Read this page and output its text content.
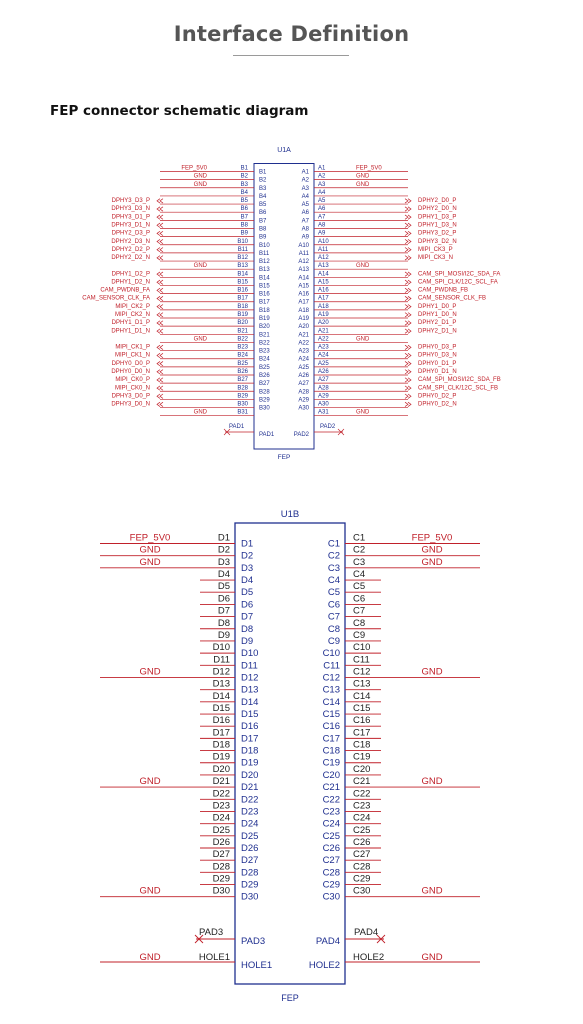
Interface Definition
FEP connector schematic diagram
U1A
FEP
B1
FEP_5V0
B2
GND
B3
GND
B4
B5
DPHY3_D3_P
B6
DPHY3_D3_N
B7
DPHY3_D1_P
B8
DPHY3_D1_N
B9
DPHY2_D3_P
B10
DPHY2_D3_N
B11
DPHY2_D2_P
B12
DPHY2_D2_N
B13
GND
B14
DPHY1_D2_P
B15
DPHY1_D2_N
B16
CAM_PWDNB_FA
B17
CAM_SENSOR_CLK_FA
B18
MIPI_CK2_P
B19
MIPI_CK2_N
B20
DPHY1_D1_P
B21
DPHY1_D1_N
B22
GND
B23
MIPI_CK1_P
B24
MIPI_CK1_N
B25
DPHY0_D0_P
B26
DPHY0_D0_N
B27
MIPI_CK0_P
B28
MIPI_CK0_N
B29
DPHY3_D0_P
B30
DPHY3_D0_N
B31
GND
A1	FEP_5V0
A2	GND
A3	GND
A4
A5	DPHY2_D0_P
A6	DPHY2_D0_N
A7	DPHY1_D3_P
A8	DPHY1_D3_N
A9	DPHY3_D2_P
A10	DPHY3_D2_N
A11	MIPI_CK3_P
A12	MIPI_CK3_N
A13	GND
A14	CAM_SPI_MOSI/I2C_SDA_FA
A15	CAM_SPI_CLK/12C_SCL_FA
A16	CAM_PWDNB_FB
A17	CAM_SENSOR_CLK_FB
A18	DPHY1_D0_P
A19	DPHY1_D0_N
A20	DPHY2_D1_P
A21	DPHY2_D1_N
A22	GND
A23	DPHY0_D3_P
A24	DPHY0_D3_N
A25	DPHY0_D1_P
A26	DPHY0_D1_N
A27	CAM_SPI_MOSI/I2C_SDA_FB
A28	CAM_SPI_CLK/12C_SCL_FB
A29	DPHY0_D2_P
A30	DPHY0_D2_N
A31	GND
B1
B2
B3
B4
B5
B6
B7
B8
B9
B10
B11
B12
B13
B14
B15
B16
B17
B18
B19
B20
B21
B22
B23
B24
B25
B26
B27
B28
B29
B30
A1
A2
A3
A4
A5
A6
A7
A8
A9
A10
A11
A12
A13
A14
A15
A16
A17
A18
A19
A20
A21
A22
A23
A24
A25
A26
A27
A28
A29
A30
PAD1
PAD1
PAD2
PAD2
U1B
FEP
D1
D1
FEP_5V0
D2
D2
GND
D3
D3
GND
D4
D4
D5
D5
D6
D6
D7
D7
D8
D8
D9
D9
D10
D10
D11
D11
D12
D12
GND
D13
D13
D14
D14
D15
D15
D16
D16
D17
D17
D18
D18
D19
D19
D20
D20
D21
D21
GND
D22
D22
D23
D23
D24
D24
D25
D25
D26
D26
D27
D27
D28
D28
D29
D29
D30
D30
GND
C1
C1
FEP_5V0
C2
C2
GND
C3
C3
GND
C4
C4
C5
C5
C6
C6
C7
C7
C8
C8
C9
C9
C10
C10
C11
C11
C12
C12
GND
C13
C13
C14
C14
C15
C15
C16
C16
C17
C17
C18
C18
C19
C19
C20
C20
C21
C21
GND
C22
C22
C23
C23
C24
C24
C25
C25
C26
C26
C27
C27
C28
C28
C29
C29
C30
C30
GND
PAD3
PAD3
PAD4
PAD4
GND	HOLE1
HOLE1
GND
HOLE2
HOLE2
